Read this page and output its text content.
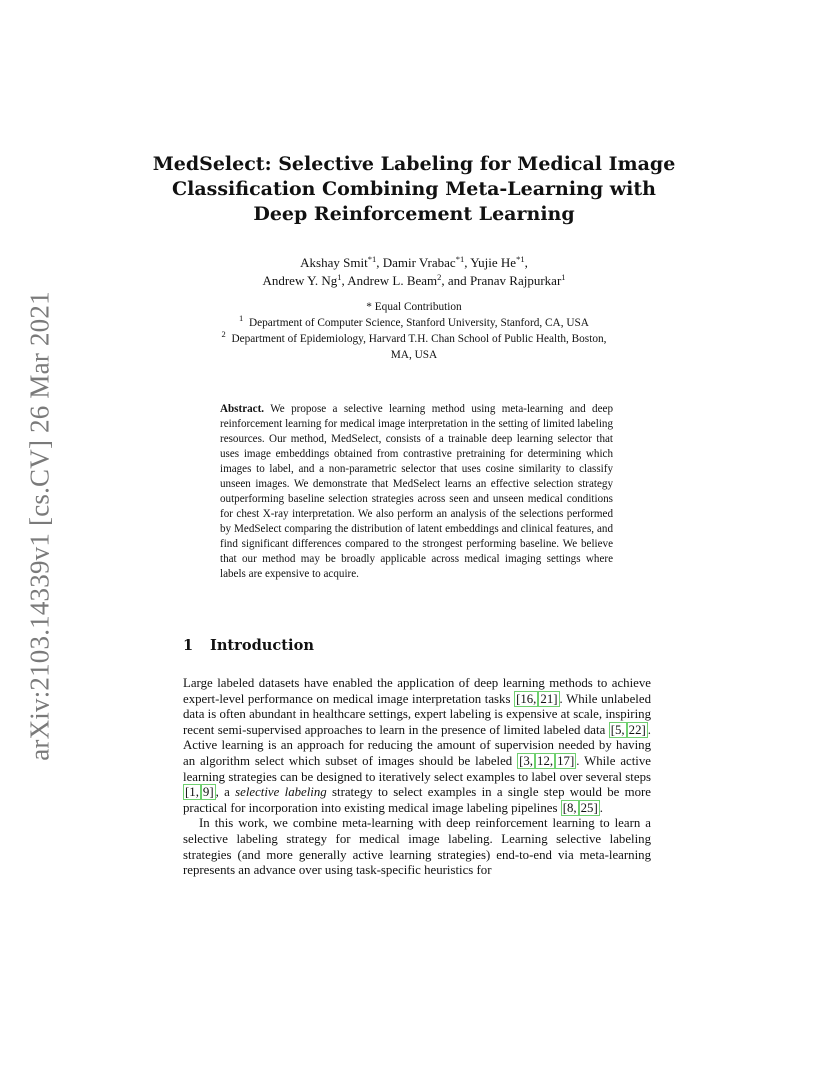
arXiv:2103.14339v1 [cs.CV] 26 Mar 2021
MedSelect: Selective Labeling for Medical Image
Classification Combining Meta-Learning with
Deep Reinforcement Learning
Akshay Smit$^{*1}$, Damir Vrabac$^{*1}$, Yujie He$^{*1}$,
Andrew Y. Ng$^1$, Andrew L. Beam$^2$, and Pranav Rajpurkar$^1$
* Equal Contribution
$^1$ Department of Computer Science, Stanford University, Stanford, CA, USA
$^2$ Department of Epidemiology, Harvard T.H. Chan School of Public Health, Boston,
MA, USA
Abstract. We propose a selective learning method using meta-learning and deep reinforcement learning for medical image interpretation in the setting of limited labeling resources. Our method, MedSelect, consists of a trainable deep learning selector that uses image embeddings obtained from contrastive pretraining for determining which images to label, and a non-parametric selector that uses cosine similarity to classify unseen images. We demonstrate that MedSelect learns an effective selection strategy outperforming baseline selection strategies across seen and unseen medical conditions for chest X-ray interpretation. We also perform an analysis of the selections performed by MedSelect comparing the distribution of latent embeddings and clinical features, and find significant differences compared to the strongest performing baseline. We believe that our method may be broadly applicable across medical imaging settings where labels are expensive to acquire.
1 Introduction

Large labeled datasets have enabled the application of deep learning methods to achieve expert-level performance on medical image interpretation tasks [16, 21] . While unlabeled data is often abundant in healthcare settings, expert labeling is expensive at scale, inspiring recent semi-supervised approaches to learn in the presence of limited labeled data [5, 22] . Active learning is an approach for reducing the amount of supervision needed by having an algorithm select which subset of images should be labeled [3, 12, 17] . While active learning strategies can be designed to iteratively select examples to label over several steps [1, 9] , a selective labeling strategy to select examples in a single step would be more practical for incorporation into existing medical image labeling pipelines [8, 25] .

In this work, we combine meta-learning with deep reinforcement learning to learn a selective labeling strategy for medical image labeling. Learning selective labeling strategies (and more generally active learning strategies) end-to-end via meta-learning represents an advance over using task-specific heuristics for
